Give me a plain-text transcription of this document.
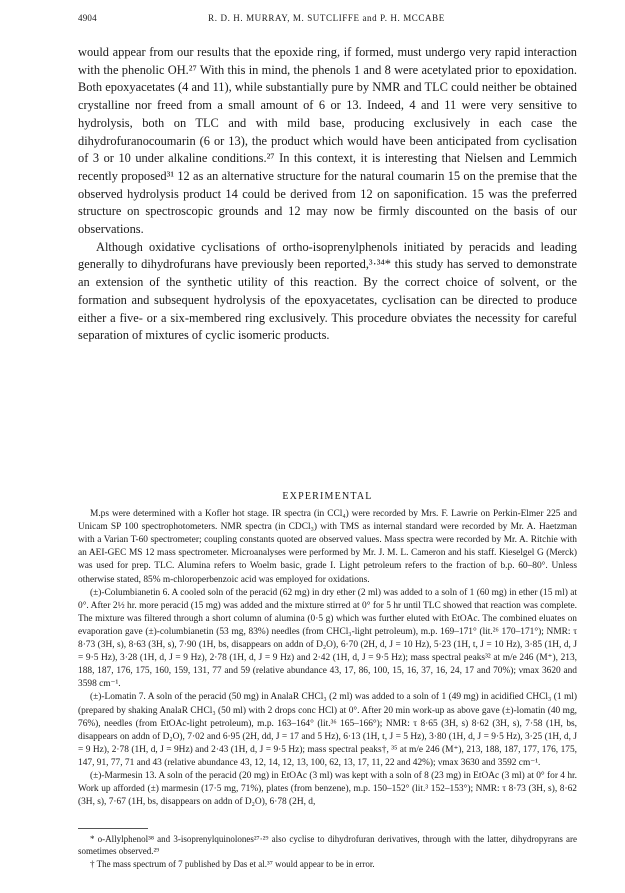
4904	R. D. H. MURRAY, M. SUTCLIFFE and P. H. MCCABE

would appear from our results that the epoxide ring, if formed, must undergo very rapid interaction with the phenolic OH.²⁷ With this in mind, the phenols 1 and 8 were acetylated prior to epoxidation. Both epoxyacetates (4 and 11), while substantially pure by NMR and TLC could neither be obtained crystalline nor freed from a small amount of 6 or 13. Indeed, 4 and 11 were very sensitive to hydrolysis, both on TLC and with mild base, producing exclusively in each case the dihydrofuranocoumarin (6 or 13), the product which would have been anticipated from cyclisation of 3 or 10 under alkaline conditions.²⁷ In this context, it is interesting that Nielsen and Lemmich recently proposed³¹ 12 as an alternative structure for the natural coumarin 15 on the premise that the observed hydrolysis product 14 could be derived from 12 on saponification. 15 was the preferred structure on spectroscopic grounds and 12 may now be firmly discounted on the basis of our observations.

Although oxidative cyclisations of ortho-isoprenylphenols initiated by peracids and leading generally to dihydrofurans have previously been reported,³·³⁴* this study has served to demonstrate an extension of the synthetic utility of this reaction. By the correct choice of solvent, or the formation and subsequent hydrolysis of the epoxyacetates, cyclisation can be directed to produce either a five- or a six-membered ring exclusively. This procedure obviates the necessity for careful separation of mixtures of cyclic isomeric products.

EXPERIMENTAL

M.ps were determined with a Kofler hot stage. IR spectra (in CCl₄) were recorded by Mrs. F. Lawrie on Perkin-Elmer 225 and Unicam SP 100 spectrophotometers. NMR spectra (in CDCl₃) with TMS as internal standard were recorded by Mr. A. Haetzman with a Varian T-60 spectrometer; coupling constants quoted are observed values. Mass spectra were recorded by Mr. A. Ritchie with an AEI-GEC MS 12 mass spectrometer. Microanalyses were performed by Mr. J. M. L. Cameron and his staff. Kieselgel G (Merck) was used for prep. TLC. Alumina refers to Woelm basic, grade I. Light petroleum refers to the fraction of b.p. 60–80°. Unless otherwise stated, 85% m-chloroperbenzoic acid was employed for oxidations.

(±)-Columbianetin 6. A cooled soln of the peracid (62 mg) in dry ether (2 ml) was added to a soln of 1 (60 mg) in ether (15 ml) at 0°. After 2½ hr. more peracid (15 mg) was added and the mixture stirred at 0° for 5 hr until TLC showed that reaction was complete. The mixture was filtered through a short column of alumina (0·5 g) which was further eluted with EtOAc. The combined eluates on evaporation gave (±)-columbianetin (53 mg, 83%) needles (from CHCl₃-light petroleum), m.p. 169–171° (lit.²⁶ 170–171°); NMR: τ 8·73 (3H, s), 8·63 (3H, s), 7·90 (1H, bs, disappears on addn of D₂O), 6·70 (2H, d, J = 10 Hz), 5·23 (1H, t, J = 10 Hz), 3·85 (1H, d, J = 9·5 Hz), 3·28 (1H, d, J = 9 Hz), 2·78 (1H, d, J = 9 Hz) and 2·42 (1H, d, J = 9·5 Hz); mass spectral peaks³² at m/e 246 (M⁺), 213, 188, 187, 176, 175, 160, 159, 131, 77 and 59 (relative abundance 43, 17, 86, 100, 15, 16, 37, 16, 24, 17 and 70%); νmax 3620 and 3598 cm⁻¹.

(±)-Lomatin 7. A soln of the peracid (50 mg) in AnalaR CHCl₃ (2 ml) was added to a soln of 1 (49 mg) in acidified CHCl₃ (1 ml) (prepared by shaking AnalaR CHCl₃ (50 ml) with 2 drops conc HCl) at 0°. After 20 min work-up as above gave (±)-lomatin (40 mg, 76%), needles (from EtOAc-light petroleum), m.p. 163–164° (lit.³⁶ 165–166°); NMR: τ 8·65 (3H, s) 8·62 (3H, s), 7·58 (1H, bs, disappears on addn of D₂O), 7·02 and 6·95 (2H, dd, J = 17 and 5 Hz), 6·13 (1H, t, J = 5 Hz), 3·80 (1H, d, J = 9·5 Hz), 3·25 (1H, d, J = 9 Hz), 2·78 (1H, d, J = 9Hz) and 2·43 (1H, d, J = 9·5 Hz); mass spectral peaks†, ³⁵ at m/e 246 (M⁺), 213, 188, 187, 177, 176, 175, 147, 91, 77, 71 and 43 (relative abundance 43, 12, 14, 12, 13, 100, 62, 13, 17, 11, 22 and 42%); νmax 3630 and 3592 cm⁻¹.

(±)-Marmesin 13. A soln of the peracid (20 mg) in EtOAc (3 ml) was kept with a soln of 8 (23 mg) in EtOAc (3 ml) at 0° for 4 hr. Work up afforded (±) marmesin (17·5 mg, 71%), plates (from benzene), m.p. 150–152° (lit.³ 152–153°); NMR: τ 8·73 (3H, s), 8·62 (3H, s), 7·67 (1H, bs, disappears on addn of D₂O), 6·78 (2H, d,

* o-Allylphenol³⁸ and 3-isoprenylquinolones²⁷·²⁹ also cyclise to dihydrofuran derivatives, through with the latter, dihydropyrans are sometimes observed.²⁹

† The mass spectrum of 7 published by Das et al.³⁷ would appear to be in error.
